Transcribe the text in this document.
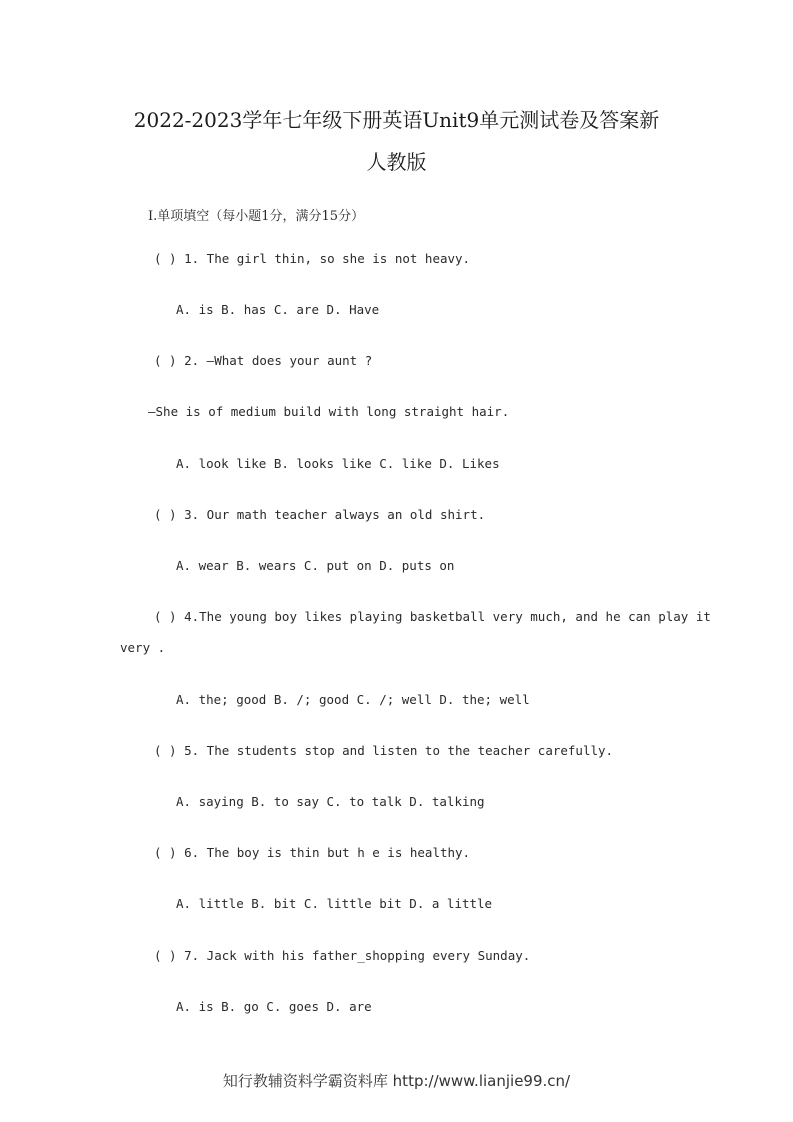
2022-2023学年七年级下册英语Unit9单元测试卷及答案新
人教版
I.单项填空（每小题1分，满分15分）
( ) 1. The girl thin, so she is not heavy.
A. is B. has C. are D. Have
( ) 2. —What does your aunt ?
—She is of medium build with long straight hair.
A. look like B. looks like C. like D. Likes
( ) 3. Our math teacher always an old shirt.
A. wear B. wears C. put on D. puts on
( ) 4.The young boy likes playing basketball very much, and he can play it
very .
A. the; good B. /; good C. /; well D. the; well
( ) 5. The students stop and listen to the teacher carefully.
A. saying B. to say C. to talk D. talking
( ) 6. The boy is thin but h e is healthy.
A. little B. bit C. little bit D. a little
( ) 7. Jack with his father_shopping every Sunday.
A. is B. go C. goes D. are
知行教辅资料学霸资料库 http://www.lianjie99.cn/
